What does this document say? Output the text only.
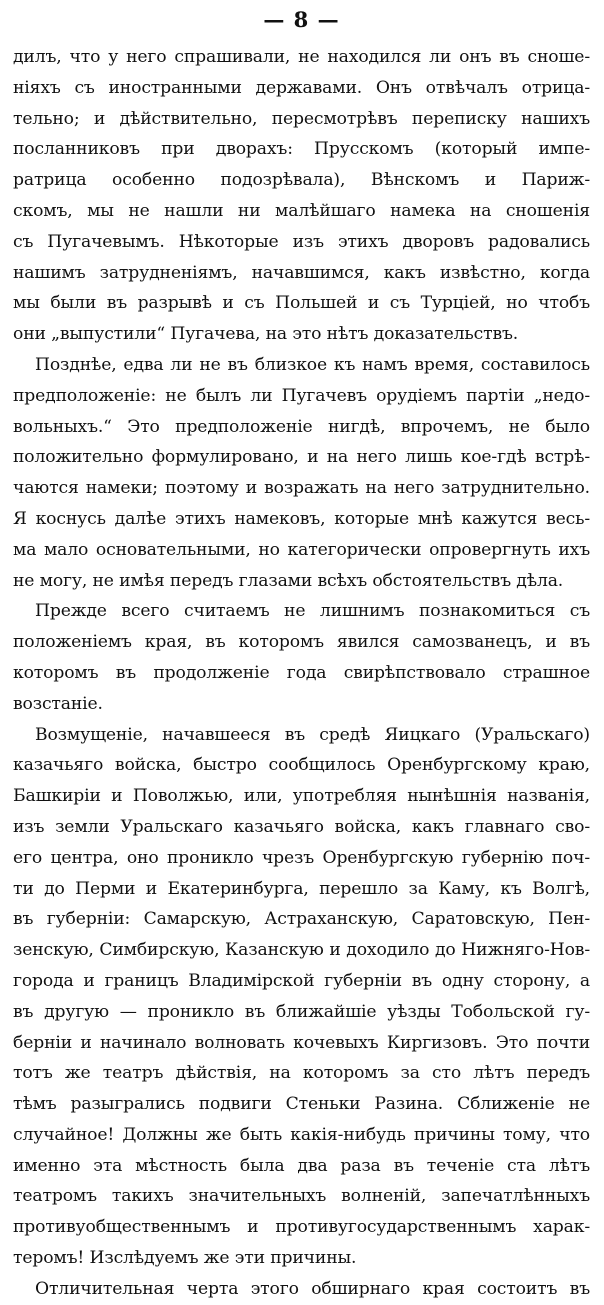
— 8 —
дилъ, что у него спрашивали, не находился ли онъ въ сноше-
ніяхъ съ иностранными державами. Онъ отвѣчалъ отрица-
тельно; и дѣйствительно, пересмотрѣвъ переписку нашихъ
посланниковъ при дворахъ: Прусскомъ (который импе-
ратрица особенно подозрѣвала), Вѣнскомъ и Париж-
скомъ, мы не нашли ни малѣйшаго намека на сношенія
съ Пугачевымъ. Нѣкоторые изъ этихъ дворовъ радовались
нашимъ затрудненіямъ, начавшимся, какъ извѣстно, когда
мы были въ разрывѣ и съ Польшей и съ Турціей, но чтобъ
они „выпустили“ Пугачева, на это нѣтъ доказательствъ.
Позднѣе, едва ли не въ близкое къ намъ время, составилось
предположеніе: не былъ ли Пугачевъ орудіемъ партіи „недо-
вольныхъ.“ Это предположеніе нигдѣ, впрочемъ, не было
положительно формулировано, и на него лишь кое-гдѣ встрѣ-
чаются намеки; поэтому и возражать на него затруднительно.
Я коснусь далѣе этихъ намековъ, которые мнѣ кажутся весь-
ма мало основательными, но категорически опровергнуть ихъ
не могу, не имѣя передъ глазами всѣхъ обстоятельствъ дѣла.
Прежде всего считаемъ не лишнимъ познакомиться съ
положеніемъ края, въ которомъ явился самозванецъ, и въ
которомъ въ продолженіе года свирѣпствовало страшное
возстаніе.
Возмущеніе, начавшееся въ средѣ Яицкаго (Уральскаго)
казачьяго войска, быстро сообщилось Оренбургскому краю,
Башкиріи и Поволжью, или, употребляя нынѣшнія названія,
изъ земли Уральскаго казачьяго войска, какъ главнаго сво-
его центра, оно проникло чрезъ Оренбургскую губернію поч-
ти до Перми и Екатеринбурга, перешло за Каму, къ Волгѣ,
въ губерніи: Самарскую, Астраханскую, Саратовскую, Пен-
зенскую, Симбирскую, Казанскую и доходило до Нижняго-Нов-
города и границъ Владимірской губерніи въ одну сторону, а
въ другую — проникло въ ближайшіе уѣзды Тобольской гу-
берніи и начинало волновать кочевыхъ Киргизовъ. Это почти
тотъ же театръ дѣйствія, на которомъ за сто лѣтъ передъ
тѣмъ разыгрались подвиги Стеньки Разина. Сближеніе не
случайное! Должны же быть какія-нибудь причины тому, что
именно эта мѣстность была два раза въ теченіе ста лѣтъ
театромъ такихъ значительныхъ волненій, запечатлѣнныхъ
противуобщественнымъ и противугосударственнымъ харак-
теромъ! Изслѣдуемъ же эти причины.
Отличительная черта этого обширнаго края состоитъ въ
